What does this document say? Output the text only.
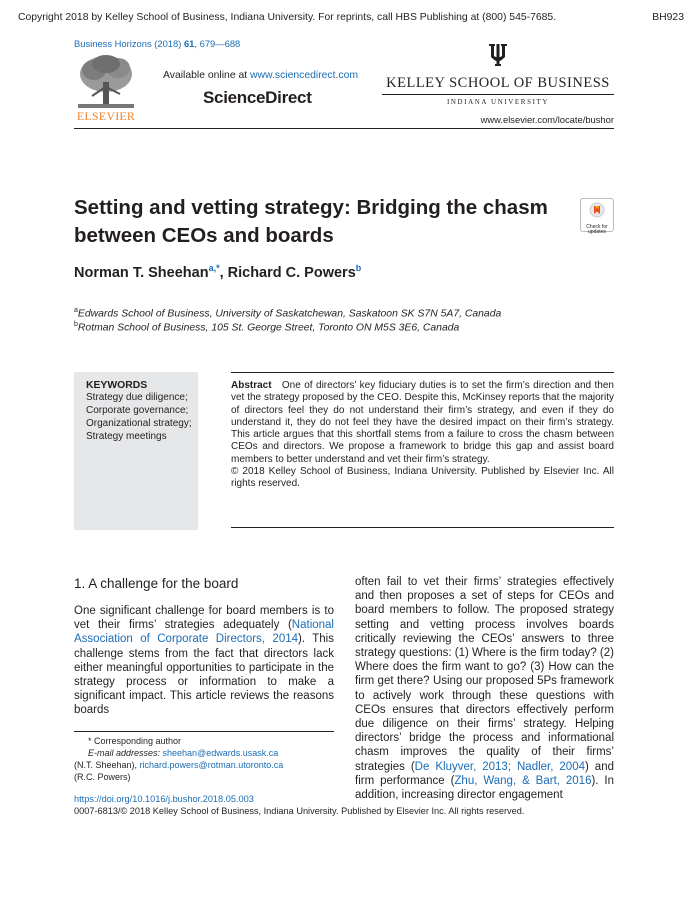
Copyright 2018 by Kelley School of Business, Indiana University. For reprints, call HBS Publishing at (800) 545-7685.	BH923
Business Horizons (2018) 61, 679—688
ELSEVIER
Available online at www.sciencedirect.com
ScienceDirect
KELLEY SCHOOL OF BUSINESS
INDIANA UNIVERSITY
www.elsevier.com/locate/bushor
Setting and vetting strategy: Bridging the chasm between CEOs and boards	Check for updates
Norman T. Sheehan$^{a,*}$, Richard C. Powers$^b$
$^a$Edwards School of Business, University of Saskatchewan, Saskatoon SK S7N 5A7, Canada
$^b$Rotman School of Business, 105 St. George Street, Toronto ON M5S 3E6, Canada
KEYWORDS
Strategy due diligence;
Corporate governance;
Organizational strategy;
Strategy meetings
Abstract One of directors’ key fiduciary duties is to set the firm’s direction and then vet the strategy proposed by the CEO. Despite this, McKinsey reports that the majority of directors feel they do not understand their firm’s strategy, and even if they do understand it, they do not feel they have the desired impact on their firm’s strategy. This article argues that this shortfall stems from a failure to cross the chasm between CEOs and directors. We propose a framework to bridge this gap and assist board members to better understand and vet their firm’s strategy.
© 2018 Kelley School of Business, Indiana University. Published by Elsevier Inc. All rights reserved.
1. A challenge for the board
One significant challenge for board members is to vet their firms’ strategies adequately (National Association of Corporate Directors, 2014). This challenge stems from the fact that directors lack either meaningful opportunities to participate in the strategy process or information to make a significant impact. This article reviews the reasons boards
often fail to vet their firms’ strategies effectively and then proposes a set of steps for CEOs and board members to follow. The proposed strategy setting and vetting process involves boards critically reviewing the CEOs’ answers to three strategy questions: (1) Where is the firm today? (2) Where does the firm want to go? (3) How can the firm get there? Using our proposed 5Ps framework to actively work through these questions with CEOs ensures that directors effectively perform due diligence on their firms’ strategy. Helping directors’ bridge the process and informational chasm improves the quality of their firms’ strategies (De Kluyver, 2013; Nadler, 2004) and firm performance (Zhu, Wang, & Bart, 2016). In addition, increasing director engagement
* Corresponding author
E-mail addresses: sheehan@edwards.usask.ca
(N.T. Sheehan), richard.powers@rotman.utoronto.ca
(R.C. Powers)
https://doi.org/10.1016/j.bushor.2018.05.003
0007-6813/© 2018 Kelley School of Business, Indiana University. Published by Elsevier Inc. All rights reserved.
